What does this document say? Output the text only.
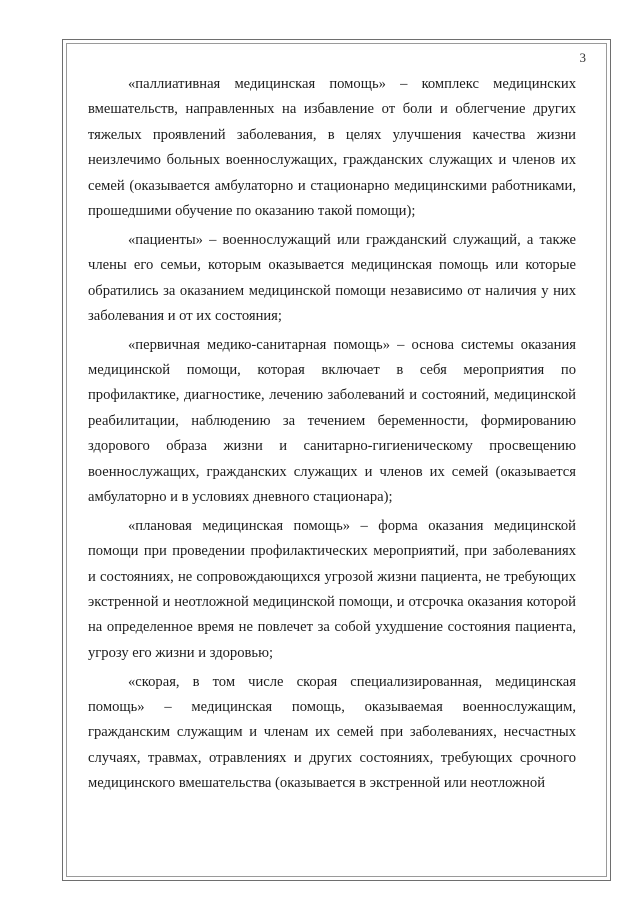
3

«паллиативная медицинская помощь» – комплекс медицинских вмешательств, направленных на избавление от боли и облегчение других тяжелых проявлений заболевания, в целях улучшения качества жизни неизлечимо больных военнослужащих, гражданских служащих и членов их семей (оказывается амбулаторно и стационарно медицинскими работниками, прошедшими обучение по оказанию такой помощи);

«пациенты» – военнослужащий или гражданский служащий, а также члены его семьи, которым оказывается медицинская помощь или которые обратились за оказанием медицинской помощи независимо от наличия у них заболевания и от их состояния;

«первичная медико-санитарная помощь» – основа системы оказания медицинской помощи, которая включает в себя мероприятия по профилактике, диагностике, лечению заболеваний и состояний, медицинской реабилитации, наблюдению за течением беременности, формированию здорового образа жизни и санитарно-гигиеническому просвещению военнослужащих, гражданских служащих и членов их семей (оказывается амбулаторно и в условиях дневного стационара);

«плановая медицинская помощь» – форма оказания медицинской помощи при проведении профилактических мероприятий, при заболеваниях и состояниях, не сопровождающихся угрозой жизни пациента, не требующих экстренной и неотложной медицинской помощи, и отсрочка оказания которой на определенное время не повлечет за собой ухудшение состояния пациента, угрозу его жизни и здоровью;

«скорая, в том числе скорая специализированная, медицинская помощь» – медицинская помощь, оказываемая военнослужащим, гражданским служащим и членам их семей при заболеваниях, несчастных случаях, травмах, отравлениях и других состояниях, требующих срочного медицинского вмешательства (оказывается в экстренной или неотложной
